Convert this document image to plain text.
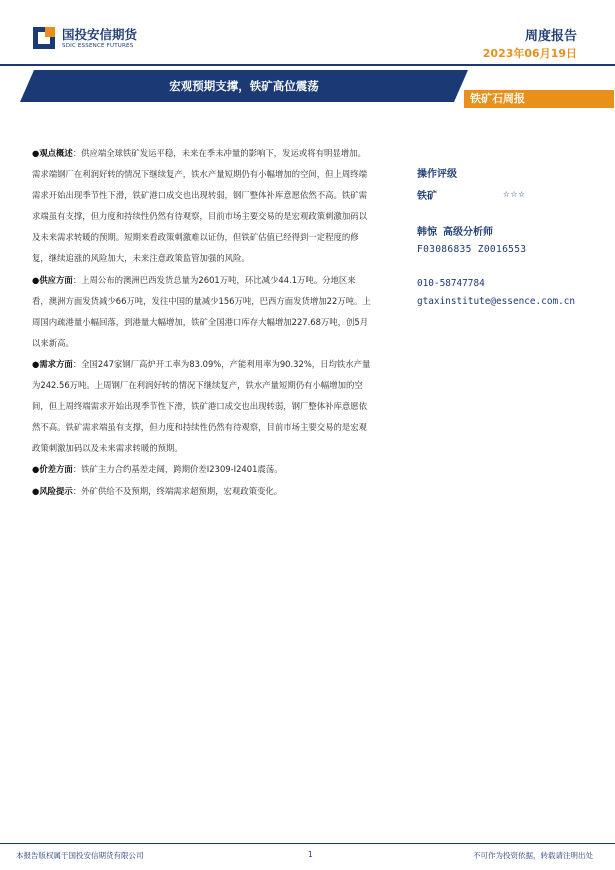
国投安信期货
SDIC ESSENCE FUTURES
周度报告
2023年06月19日
宏观预期支撑，铁矿高位震荡
铁矿石周报

●观点概述：供应端全球铁矿发运平稳，未来在季末冲量的影响下，发运或将有明显增加。需求端钢厂在利润好转的情况下继续复产，铁水产量短期仍有小幅增加的空间，但上周终端需求开始出现季节性下滑，铁矿港口成交也出现转弱，钢厂整体补库意愿依然不高。铁矿需求端虽有支撑，但力度和持续性仍然有待观察，目前市场主要交易的是宏观政策刺激加码以及未来需求转暖的预期。短期来看政策刺激难以证伪，但铁矿估值已经得到一定程度的修复，继续追涨的风险加大，未来注意政策监管加强的风险。

●供应方面：上周公布的澳洲巴西发货总量为2601万吨，环比减少44.1万吨。分地区来看，澳洲方面发货减少66万吨，发往中国的量减少156万吨，巴西方面发货增加22万吨。上周国内疏港量小幅回落，到港量大幅增加，铁矿全国港口库存大幅增加227.68万吨，创5月以来新高。

●需求方面：全国247家钢厂高炉开工率为83.09%，产能利用率为90.32%，日均铁水产量为242.56万吨。上周钢厂在利润好转的情况下继续复产，铁水产量短期仍有小幅增加的空间，但上周终端需求开始出现季节性下滑，铁矿港口成交也出现转弱，钢厂整体补库意愿依然不高。铁矿需求端虽有支撑，但力度和持续性仍然有待观察，目前市场主要交易的是宏观政策刺激加码以及未来需求转暖的预期。

●价差方面：铁矿主力合约基差走阔，跨期价差I2309-I2401震荡。

●风险提示：外矿供给不及预期，终端需求超预期，宏观政策变化。

操作评级
铁矿	☆☆☆
韩惊 高级分析师
F03086835 Z0016553
010-58747784
gtaxinstitute@essence.com.cn
本报告版权属于国投安信期货有限公司	1	不可作为投资依据，转载请注明出处
